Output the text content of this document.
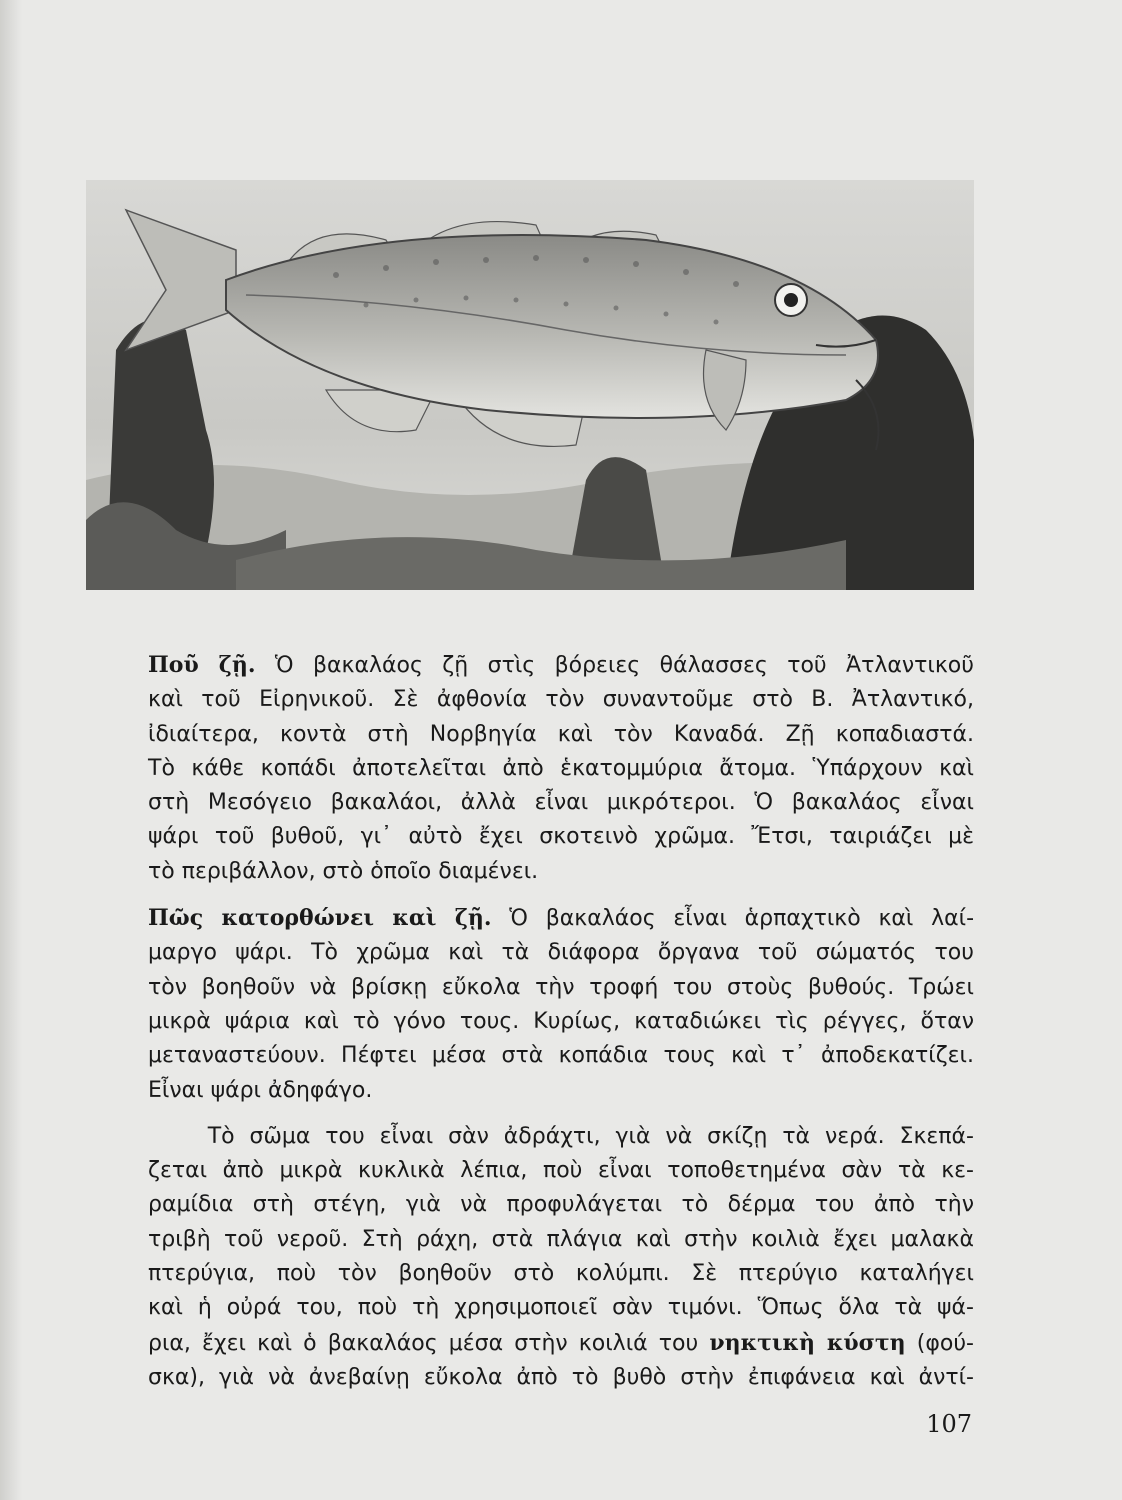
Ποῦ ζῇ. Ὁ βακαλάος ζῇ στὶς βόρειες θάλασσες τοῦ Ἀτλαντικοῦ
καὶ τοῦ Εἰρηνικοῦ. Σὲ ἀφθονία τὸν συναντοῦμε στὸ Β. Ἀτλαντικό,
ἰδιαίτερα, κοντὰ στὴ Νορβηγία καὶ τὸν Καναδά. Ζῇ κοπαδιαστά.
Τὸ κάθε κοπάδι ἀποτελεῖται ἀπὸ ἑκατομμύρια ἄτομα. Ὑπάρχουν καὶ
στὴ Μεσόγειο βακαλάοι, ἀλλὰ εἶναι μικρότεροι. Ὁ βακαλάος εἶναι
ψάρι τοῦ βυθοῦ, γι᾿ αὐτὸ ἔχει σκοτεινὸ χρῶμα. Ἔτσι, ταιριάζει μὲ
τὸ περιβάλλον, στὸ ὁποῖο διαμένει.

Πῶς κατορθώνει καὶ ζῇ. Ὁ βακαλάος εἶναι ἁρπαχτικὸ καὶ λαί-
μαργο ψάρι. Τὸ χρῶμα καὶ τὰ διάφορα ὄργανα τοῦ σώματός του
τὸν βοηθοῦν νὰ βρίσκῃ εὔκολα τὴν τροφή του στοὺς βυθούς. Τρώει
μικρὰ ψάρια καὶ τὸ γόνο τους. Κυρίως, καταδιώκει τὶς ρέγγες, ὅταν
μεταναστεύουν. Πέφτει μέσα στὰ κοπάδια τους καὶ τ᾿ ἀποδεκατίζει.
Εἶναι ψάρι ἀδηφάγο.

Τὸ σῶμα του εἶναι σὰν ἀδράχτι, γιὰ νὰ σκίζῃ τὰ νερά. Σκεπά-
ζεται ἀπὸ μικρὰ κυκλικὰ λέπια, ποὺ εἶναι τοποθετημένα σὰν τὰ κε-
ραμίδια στὴ στέγη, γιὰ νὰ προφυλάγεται τὸ δέρμα του ἀπὸ τὴν
τριβὴ τοῦ νεροῦ. Στὴ ράχη, στὰ πλάγια καὶ στὴν κοιλιὰ ἔχει μαλακὰ
πτερύγια, ποὺ τὸν βοηθοῦν στὸ κολύμπι. Σὲ πτερύγιο καταλήγει
καὶ ἡ οὐρά του, ποὺ τὴ χρησιμοποιεῖ σὰν τιμόνι. Ὅπως ὅλα τὰ ψά-
ρια, ἔχει καὶ ὁ βακαλάος μέσα στὴν κοιλιά του νηκτικὴ κύστη (φού-
σκα), γιὰ νὰ ἀνεβαίνῃ εὔκολα ἀπὸ τὸ βυθὸ στὴν ἐπιφάνεια καὶ ἀντί-

107
